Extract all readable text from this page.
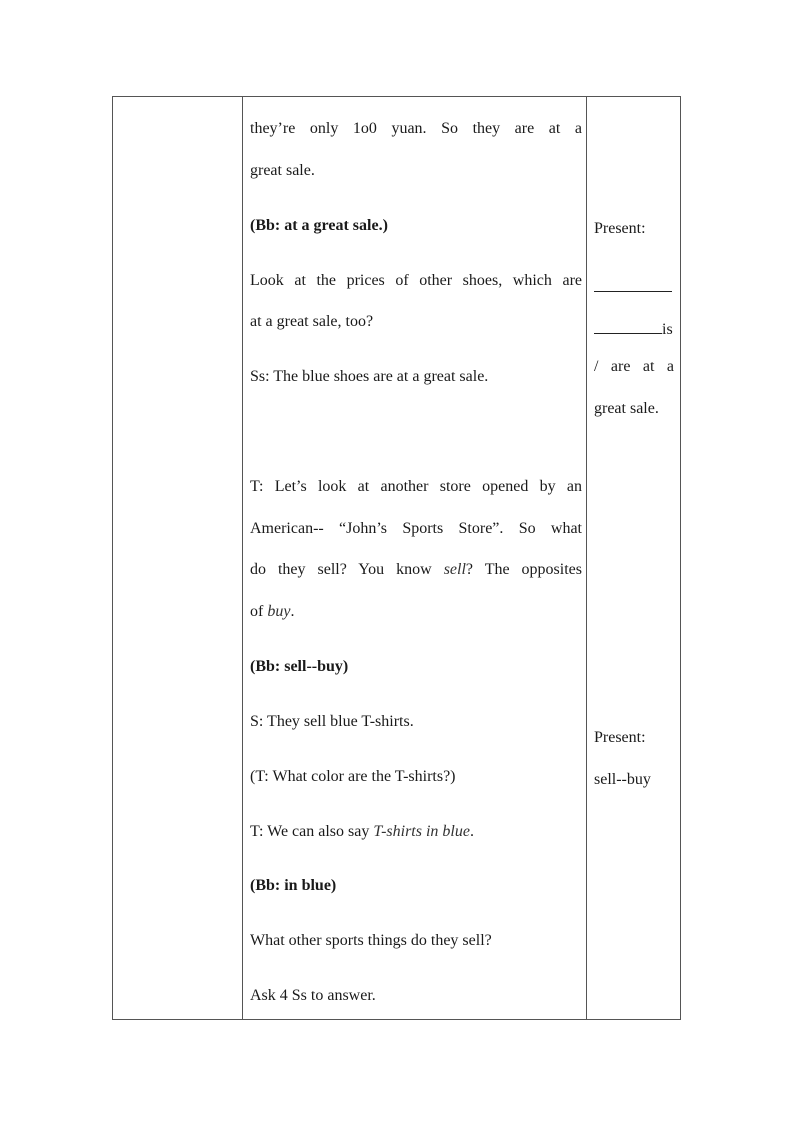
they’re only 1o0 yuan. So they are at a
great sale.
(Bb: at a great sale.)
Look at the prices of other shoes, which are
at a great sale, too?
Ss: The blue shoes are at a great sale.
T: Let’s look at another store opened by an
American-- “John’s Sports Store”. So what
do they sell? You know sell? The opposites
of buy.
(Bb: sell--buy)
S: They sell blue T-shirts.
(T: What color are the T-shirts?)
T: We can also say T-shirts in blue.
(Bb: in blue)
What other sports things do they sell?
Ask 4 Ss to answer.
Present:
is
/ are at a
great sale.
Present:
sell--buy
